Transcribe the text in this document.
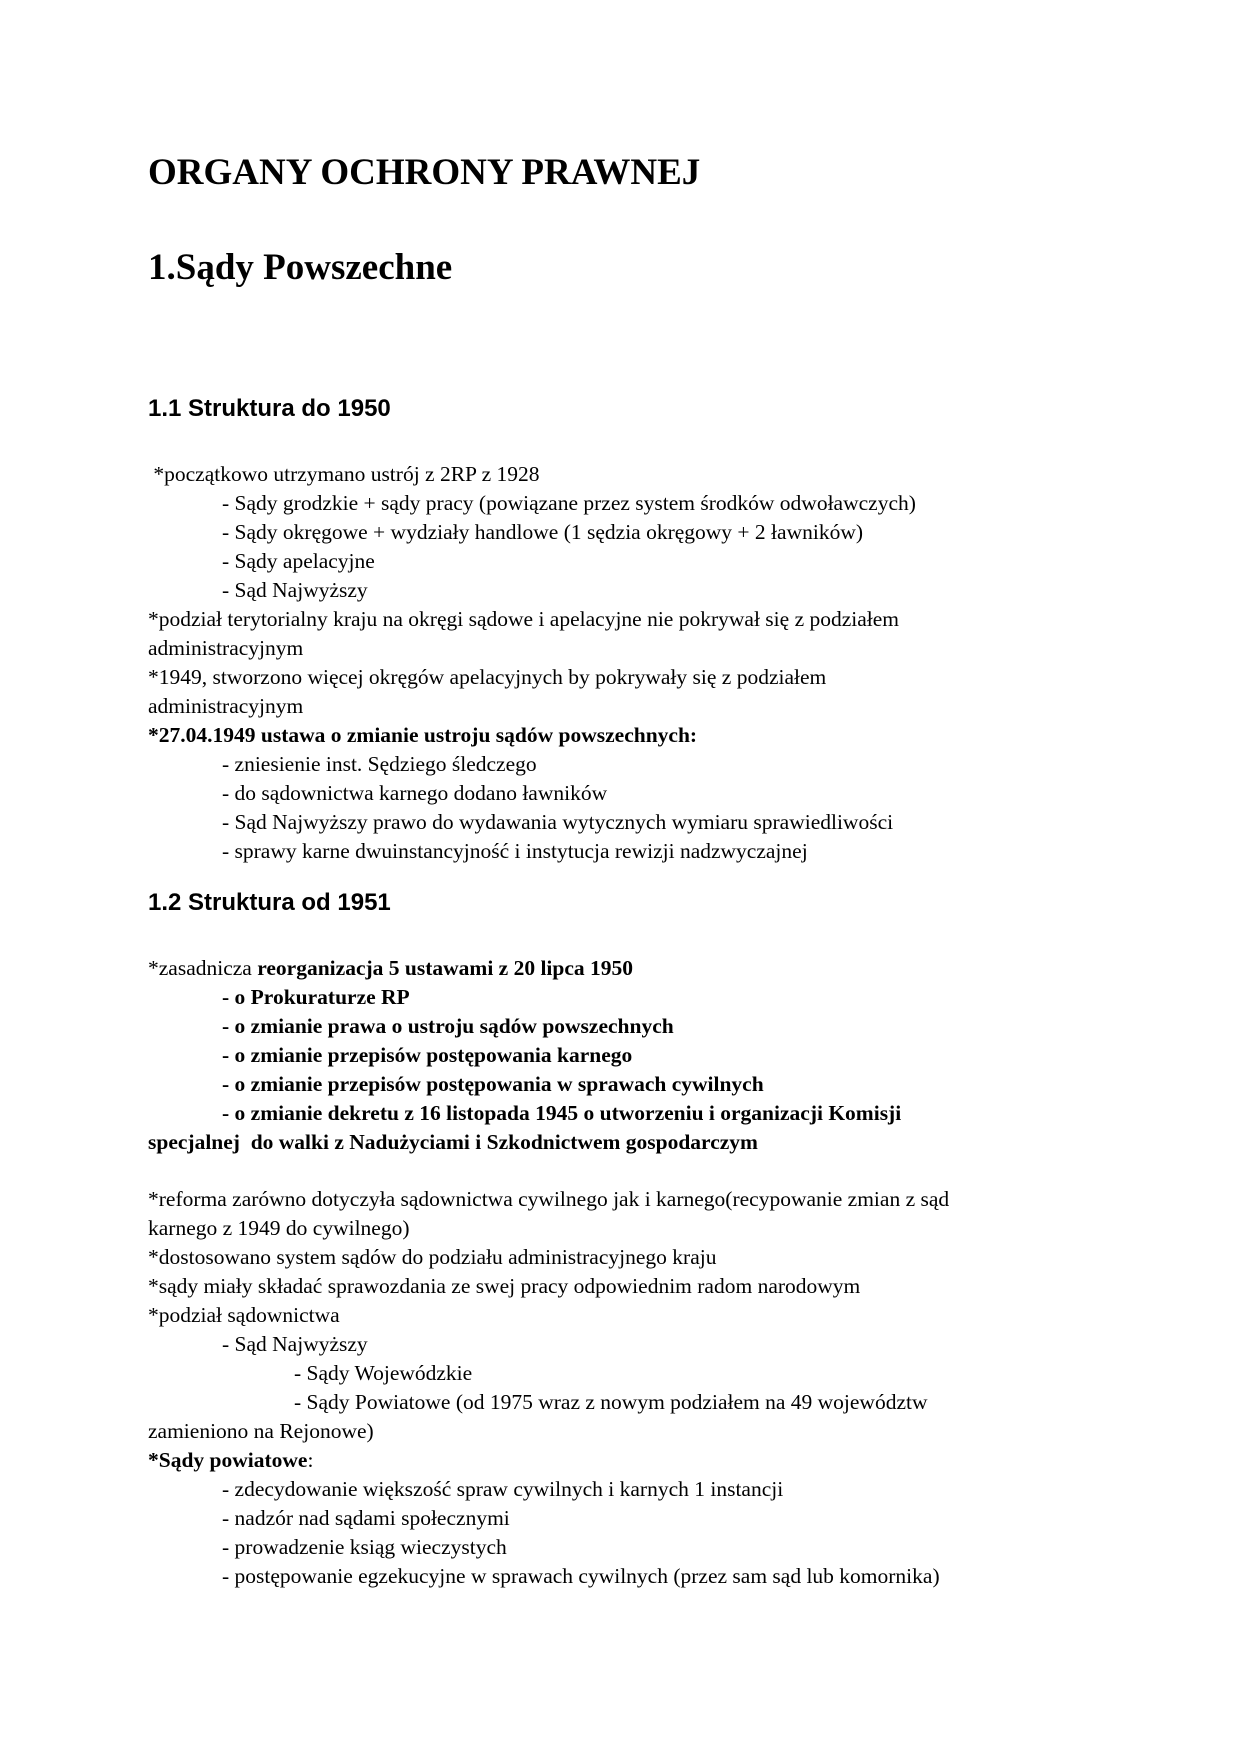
ORGANY OCHRONY PRAWNEJ
1.Sądy Powszechne
1.1 Struktura do 1950
*początkowo utrzymano ustrój z 2RP z 1928
- Sądy grodzkie + sądy pracy (powiązane przez system środków odwoławczych)
- Sądy okręgowe + wydziały handlowe (1 sędzia okręgowy + 2 ławników)
- Sądy apelacyjne
- Sąd Najwyższy
*podział terytorialny kraju na okręgi sądowe i apelacyjne nie pokrywał się z podziałem
administracyjnym
*1949, stworzono więcej okręgów apelacyjnych by pokrywały się z podziałem
administracyjnym
*27.04.1949 ustawa o zmianie ustroju sądów powszechnych:
- zniesienie inst. Sędziego śledczego
- do sądownictwa karnego dodano ławników
- Sąd Najwyższy prawo do wydawania wytycznych wymiaru sprawiedliwości
- sprawy karne dwuinstancyjność i instytucja rewizji nadzwyczajnej
1.2 Struktura od 1951
*zasadnicza reorganizacja 5 ustawami z 20 lipca 1950
- o Prokuraturze RP
- o zmianie prawa o ustroju sądów powszechnych
- o zmianie przepisów postępowania karnego
- o zmianie przepisów postępowania w sprawach cywilnych
- o zmianie dekretu z 16 listopada 1945 o utworzeniu i organizacji Komisji
specjalnej  do walki z Nadużyciami i Szkodnictwem gospodarczym
*reforma zarówno dotyczyła sądownictwa cywilnego jak i karnego(recypowanie zmian z sąd
karnego z 1949 do cywilnego)
*dostosowano system sądów do podziału administracyjnego kraju
*sądy miały składać sprawozdania ze swej pracy odpowiednim radom narodowym
*podział sądownictwa
- Sąd Najwyższy
- Sądy Wojewódzkie
- Sądy Powiatowe (od 1975 wraz z nowym podziałem na 49 województw
zamieniono na Rejonowe)
*Sądy powiatowe:
- zdecydowanie większość spraw cywilnych i karnych 1 instancji
- nadzór nad sądami społecznymi
- prowadzenie ksiąg wieczystych
- postępowanie egzekucyjne w sprawach cywilnych (przez sam sąd lub komornika)
